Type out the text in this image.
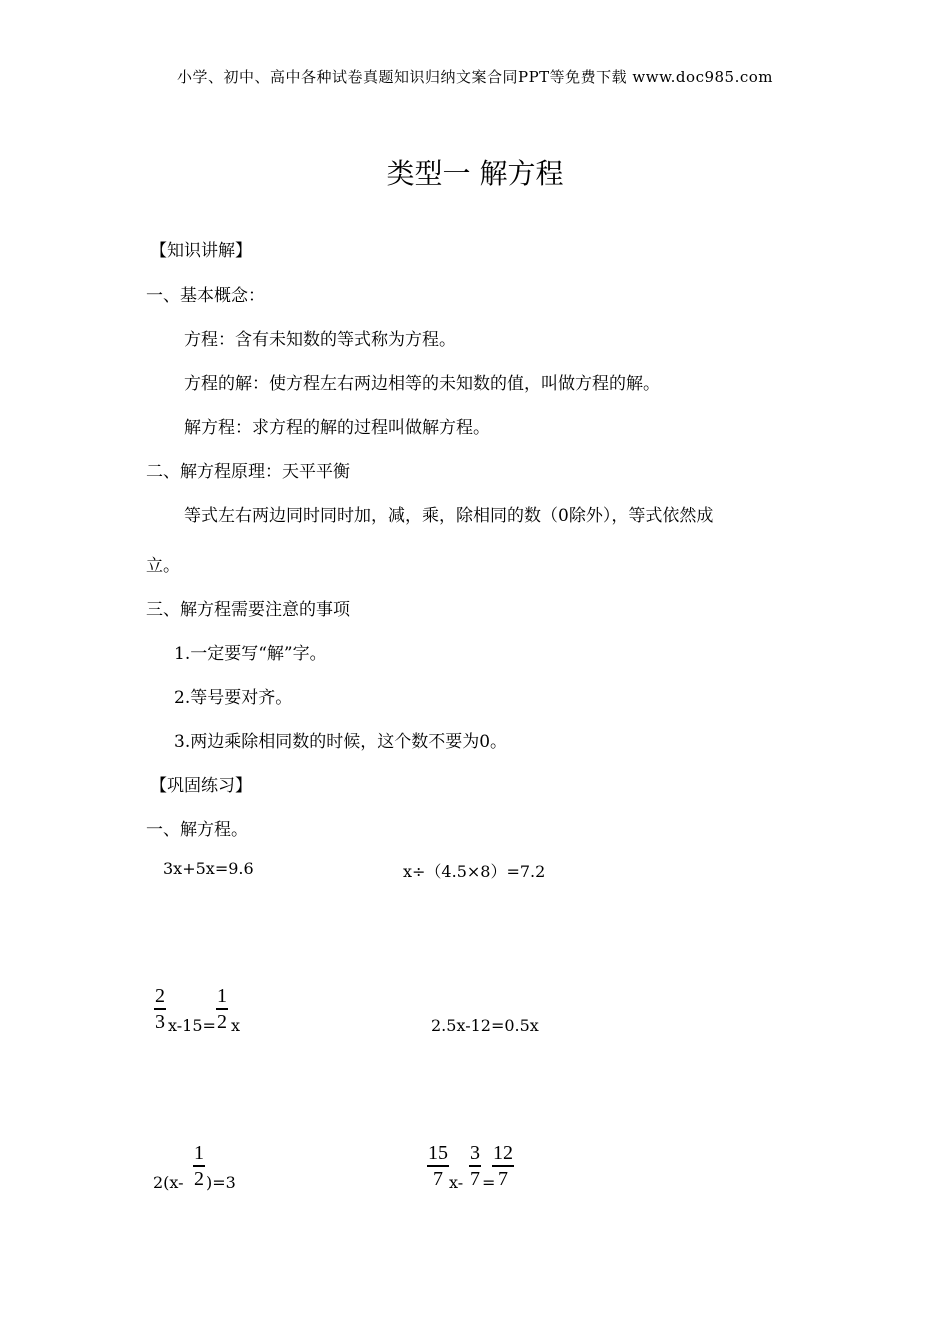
小学、初中、高中各种试卷真题知识归纳文案合同PPT等免费下载 www.doc985.com
类型一 解方程
【知识讲解】
一、基本概念：
方程：含有未知数的等式称为方程。
方程的解：使方程左右两边相等的未知数的值，叫做方程的解。
解方程：求方程的解的过程叫做解方程。
二、解方程原理：天平平衡
等式左右两边同时同时加，减，乘，除相同的数（0除外），等式依然成
立。
三、解方程需要注意的事项
1.一定要写“解”字。
2.等号要对齐。
3.两边乘除相同数的时候，这个数不要为0。
【巩固练习】
一、解方程。
3x+5x=9.6	x÷（4.5×8）=7.2
2
3 x-15=
1
2 x	2.5x-12=0.5x
2(x-
1
2 )=3
15
7 x-
3
7 =
12
7
